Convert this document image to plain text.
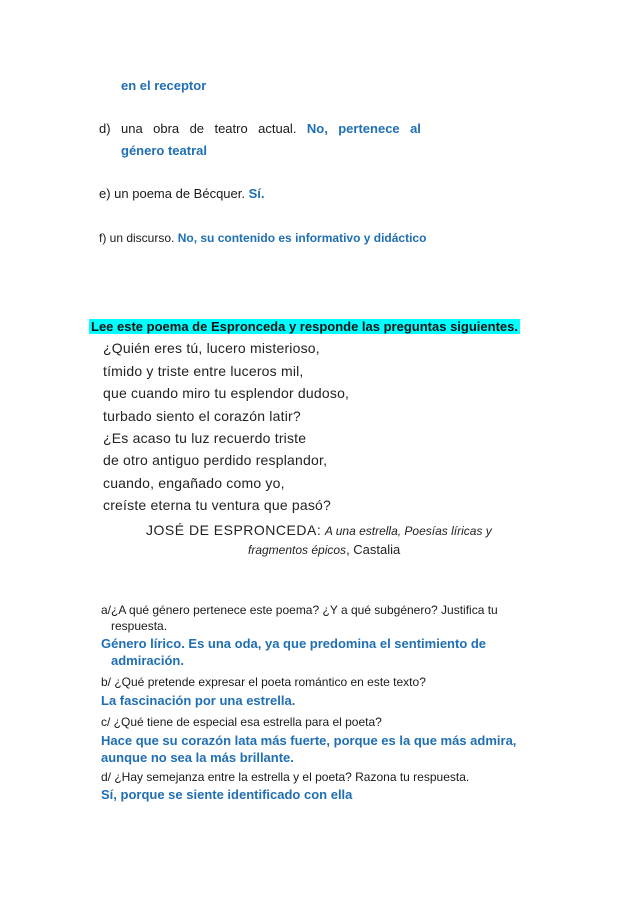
en el receptor
d) una obra de teatro actual. No, pertenece al
género teatral
e) un poema de Bécquer. Sí.
f) un discurso. No, su contenido es informativo y didáctico
Lee este poema de Espronceda y responde las preguntas siguientes.
¿Quién eres tú, lucero misterioso,
tímido y triste entre luceros mil,
que cuando miro tu esplendor dudoso,
turbado siento el corazón latir?
¿Es acaso tu luz recuerdo triste
de otro antiguo perdido resplandor,
cuando, engañado como yo,
creíste eterna tu ventura que pasó?
JOSÉ DE ESPRONCEDA: A una estrella, Poesías líricas y
fragmentos épicos, Castalia
a/¿A qué género pertenece este poema? ¿Y a qué subgénero? Justifica tu
respuesta.
Género lírico. Es una oda, ya que predomina el sentimiento de
admiración.
b/ ¿Qué pretende expresar el poeta romántico en este texto?
La fascinación por una estrella.
c/ ¿Qué tiene de especial esa estrella para el poeta?
Hace que su corazón lata más fuerte, porque es la que más admira,
aunque no sea la más brillante.
d/ ¿Hay semejanza entre la estrella y el poeta? Razona tu respuesta.
Sí, porque se siente identificado con ella
